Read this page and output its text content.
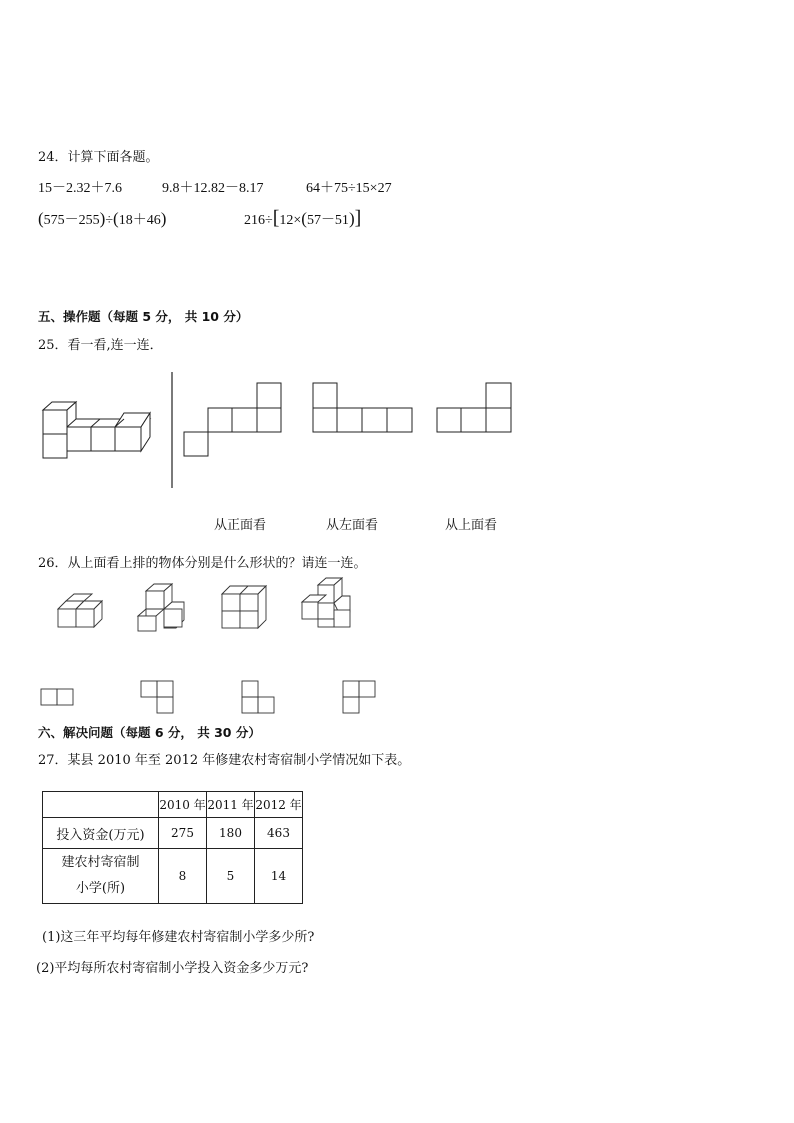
24．计算下面各题。
15－2.32＋7.6	9.8＋12.82－8.17	64＋75÷15×27
(575－255)÷(18＋46)	216÷[12×(57－51)]
五、操作题（每题 5 分， 共 10 分）
25．看一看,连一连．
从正面看	从左面看	从上面看
26．从上面看上排的物体分别是什么形状的？请连一连。
六、解决问题（每题 6 分， 共 30 分）
27．某县 2010 年至 2012 年修建农村寄宿制小学情况如下表。
	2010 年	2011 年	2012 年
投入资金(万元)	275	180	463

建农村寄宿制
小学(所)	8	5	14
(1)这三年平均每年修建农村寄宿制小学多少所?
(2)平均每所农村寄宿制小学投入资金多少万元?
